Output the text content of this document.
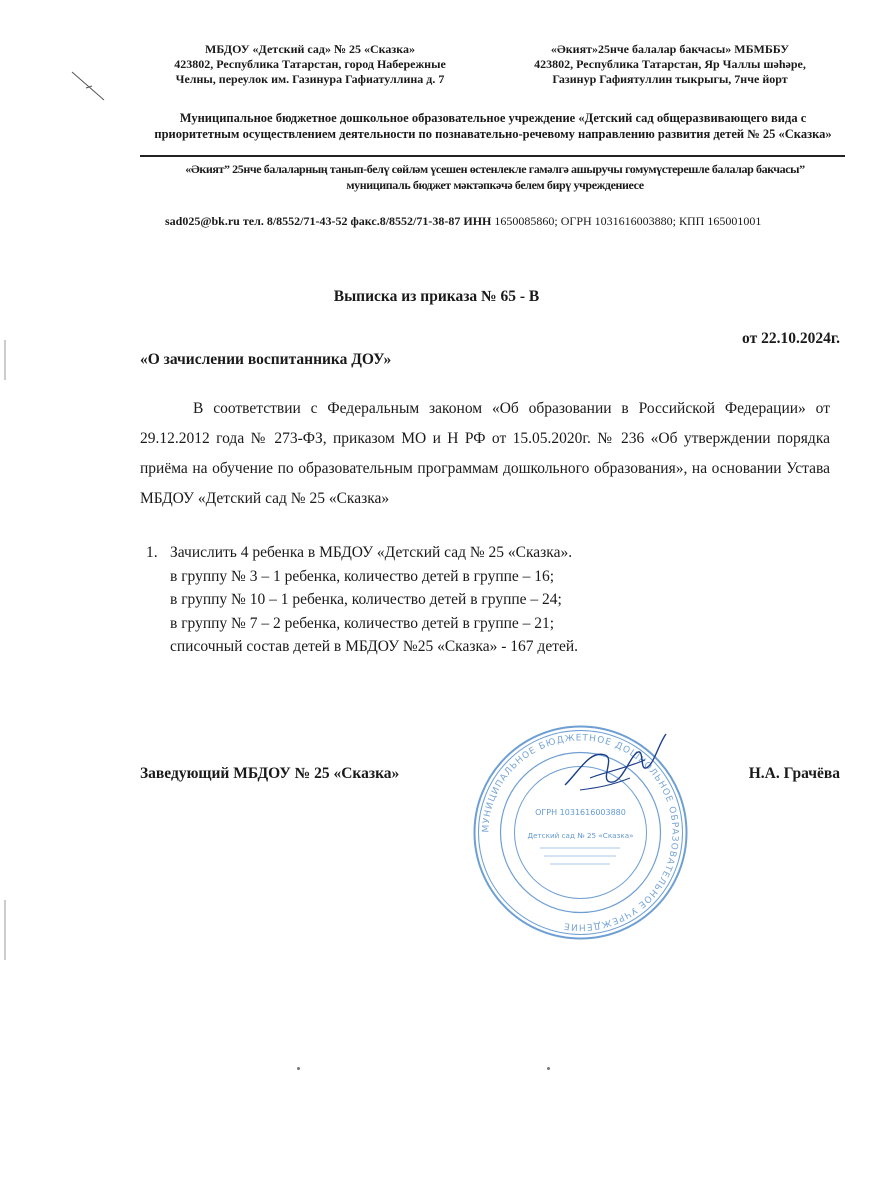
МБДОУ «Детский сад» № 25 «Сказка»
423802, Республика Татарстан, город Набережные
Челны, переулок им. Газинура Гафиатуллина д. 7
«Әкият»25нче балалар бакчасы» МБМББУ
423802, Республика Татарстан, Яр Чаллы шәһәре,
Газинур Гафиятуллин тыкрыгы, 7нче йорт
Муниципальное бюджетное дошкольное образовательное учреждение «Детский сад общеразвивающего вида с приоритетным осуществлением деятельности по познавательно-речевому направлению развития детей № 25 «Сказка»
«Әкият” 25нче балаларның танып-белү сөйләм үсешен өстенлекле гамәлгә ашыручы гомумүстерешле балалар бакчасы” муниципаль бюджет мәктәпкәчә белем бирү учреждениесе
sad025@bk.ru тел. 8/8552/71-43-52 факс.8/8552/71-38-87 ИНН 1650085860; ОГРН 1031616003880; КПП 165001001
Выписка из приказа № 65 - В
от 22.10.2024г.
«О зачислении воспитанника ДОУ»
В соответствии с Федеральным законом «Об образовании в Российской Федерации» от 29.12.2012 года № 273-ФЗ, приказом МО и Н РФ от 15.05.2020г. № 236 «Об утверждении порядка приёма на обучение по образовательным программам дошкольного образования», на основании Устава МБДОУ «Детский сад № 25 «Сказка»
1. Зачислить 4 ребенка в МБДОУ «Детский сад № 25 «Сказка».
в группу № 3 – 1 ребенка, количество детей в группе – 16;
в группу № 10 – 1 ребенка, количество детей в группе – 24;
в группу № 7 – 2 ребенка, количество детей в группе – 21;
списочный состав детей в МБДОУ №25 «Сказка» - 167 детей.
Заведующий МБДОУ № 25 «Сказка»	Н.А. Грачёва
МУНИЦИПАЛЬНОЕ БЮДЖЕТНОЕ ДОШКОЛЬНОЕ ОБРАЗОВАТЕЛЬНОЕ УЧРЕЖДЕНИЕ
ОГРН 1031616003880
Детский сад № 25 «Сказка»
